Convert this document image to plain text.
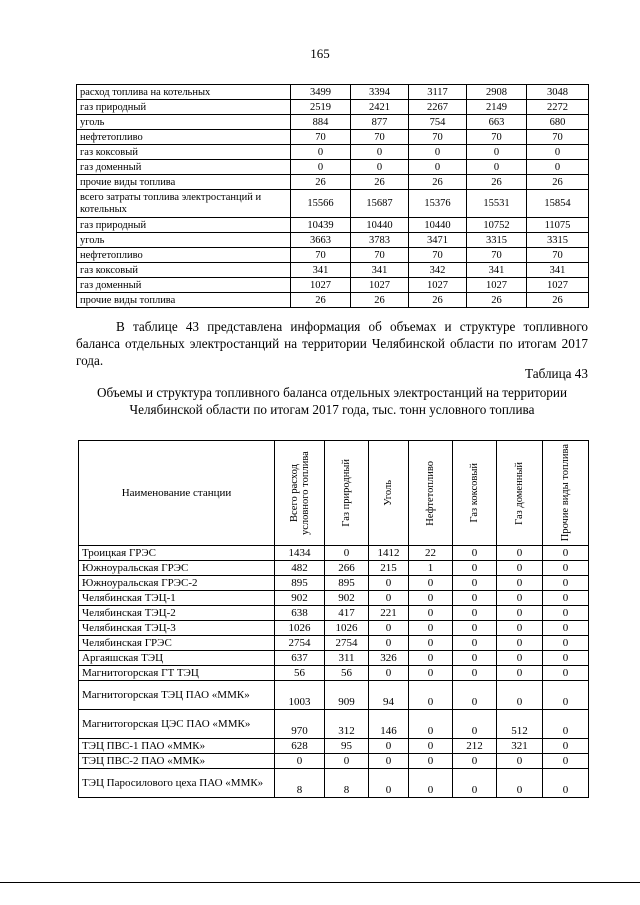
165
расход топлива на котельных	3499	3394	3117	2908	3048
газ природный	2519	2421	2267	2149	2272
уголь	884	877	754	663	680
нефтетопливо	70	70	70	70	70
газ коксовый	0	0	0	0	0
газ доменный	0	0	0	0	0
прочие виды топлива	26	26	26	26	26
всего затраты топлива электростанций и котельных	15566	15687	15376	15531	15854
газ природный	10439	10440	10440	10752	11075
уголь	3663	3783	3471	3315	3315
нефтетопливо	70	70	70	70	70
газ коксовый	341	341	342	341	341
газ доменный	1027	1027	1027	1027	1027
прочие виды топлива	26	26	26	26	26
В таблице 43 представлена информация об объемах и структуре топливного баланса отдельных электростанций на территории Челябинской области по итогам 2017 года.
Таблица 43
Объемы и структура топливного баланса отдельных электростанций на территории Челябинской области по итогам 2017 года, тыс. тонн условного топлива
Наименование станции	Всего расход условного топлива	Газ природный	Уголь	Нефтетопливо	Газ коксовый	Газ доменный	Прочие виды топлива

Троицкая ГРЭС	1434	0	1412	22	0	0	0
Южноуральская ГРЭС	482	266	215	1	0	0	0
Южноуральская ГРЭС-2	895	895	0	0	0	0	0
Челябинская ТЭЦ-1	902	902	0	0	0	0	0
Челябинская ТЭЦ-2	638	417	221	0	0	0	0
Челябинская ТЭЦ-3	1026	1026	0	0	0	0	0
Челябинская ГРЭС	2754	2754	0	0	0	0	0
Аргаяшская ТЭЦ	637	311	326	0	0	0	0
Магнитогорская ГТ ТЭЦ	56	56	0	0	0	0	0
Магнитогорская ТЭЦ ПАО «ММК»	1003	909	94	0	0	0	0
Магнитогорская ЦЭС ПАО «ММК»	970	312	146	0	0	512	0
ТЭЦ ПВС-1 ПАО «ММК»	628	95	0	0	212	321	0
ТЭЦ ПВС-2 ПАО «ММК»	0	0	0	0	0	0	0
ТЭЦ Паросилового цеха ПАО «ММК»	8	8	0	0	0	0	0
